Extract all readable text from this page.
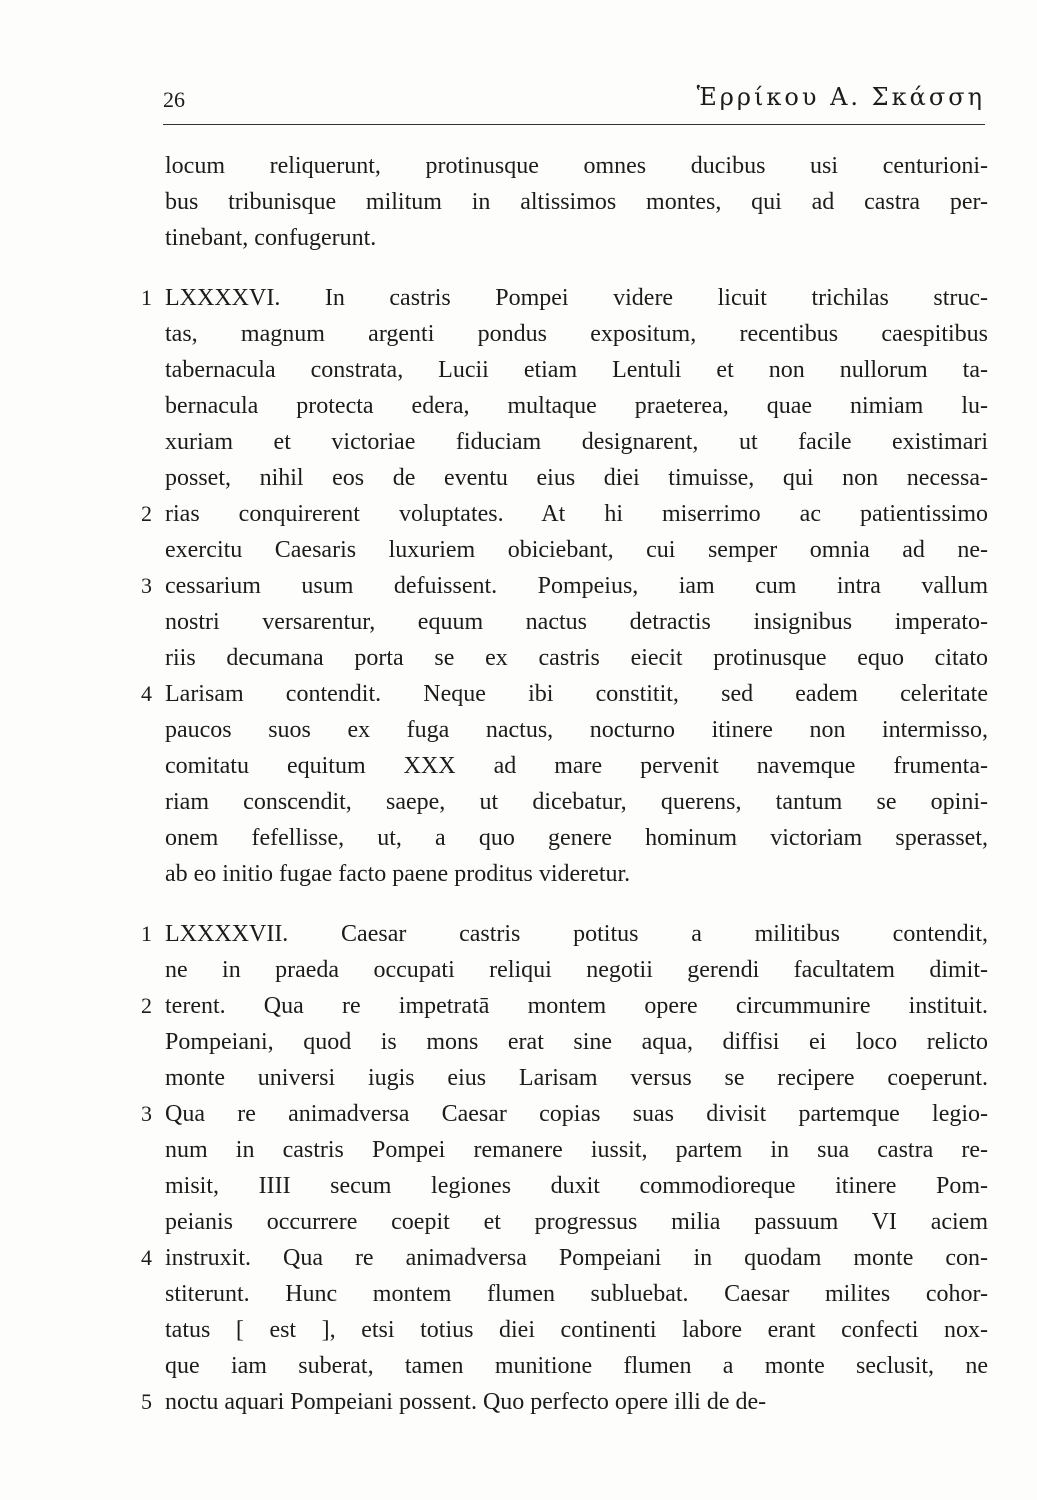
26	Ἑρρίκου Α. Σκάσση
locum reliquerunt, protinusque omnes ducibus usi centurioni-
bus tribunisque militum in altissimos montes, qui ad castra per-
tinebant, confugerunt.
1 LXXXXVI. In castris Pompei videre licuit trichilas struc-
tas, magnum argenti pondus expositum, recentibus caespitibus
tabernacula constrata, Lucii etiam Lentuli et non nullorum ta-
bernacula protecta edera, multaque praeterea, quae nimiam lu-
xuriam et victoriae fiduciam designarent, ut facile existimari
posset, nihil eos de eventu eius diei timuisse, qui non necessa-
2 rias conquirerent voluptates. At hi miserrimo ac patientissimo
exercitu Caesaris luxuriem obiciebant, cui semper omnia ad ne-
3 cessarium usum defuissent. Pompeius, iam cum intra vallum
nostri versarentur, equum nactus detractis insignibus imperato-
riis decumana porta se ex castris eiecit protinusque equo citato
4 Larisam contendit. Neque ibi constitit, sed eadem celeritate
paucos suos ex fuga nactus, nocturno itinere non intermisso,
comitatu equitum XXX ad mare pervenit navemque frumenta-
riam conscendit, saepe, ut dicebatur, querens, tantum se opini-
onem fefellisse, ut, a quo genere hominum victoriam sperasset,
ab eo initio fugae facto paene proditus videretur.
1 LXXXXVII. Caesar castris potitus a militibus contendit,
ne in praeda occupati reliqui negotii gerendi facultatem dimit-
2 terent. Qua re impetratā montem opere circummunire instituit.
Pompeiani, quod is mons erat sine aqua, diffisi ei loco relicto
monte universi iugis eius Larisam versus se recipere coeperunt.
3 Qua re animadversa Caesar copias suas divisit partemque legio-
num in castris Pompei remanere iussit, partem in sua castra re-
misit, IIII secum legiones duxit commodioreque itinere Pom-
peianis occurrere coepit et progressus milia passuum VI aciem
4 instruxit. Qua re animadversa Pompeiani in quodam monte con-
stiterunt. Hunc montem flumen subluebat. Caesar milites cohor-
tatus [ est ], etsi totius diei continenti labore erant confecti nox-
que iam suberat, tamen munitione flumen a monte seclusit, ne
5 noctu aquari Pompeiani possent. Quo perfecto opere illi de de-
